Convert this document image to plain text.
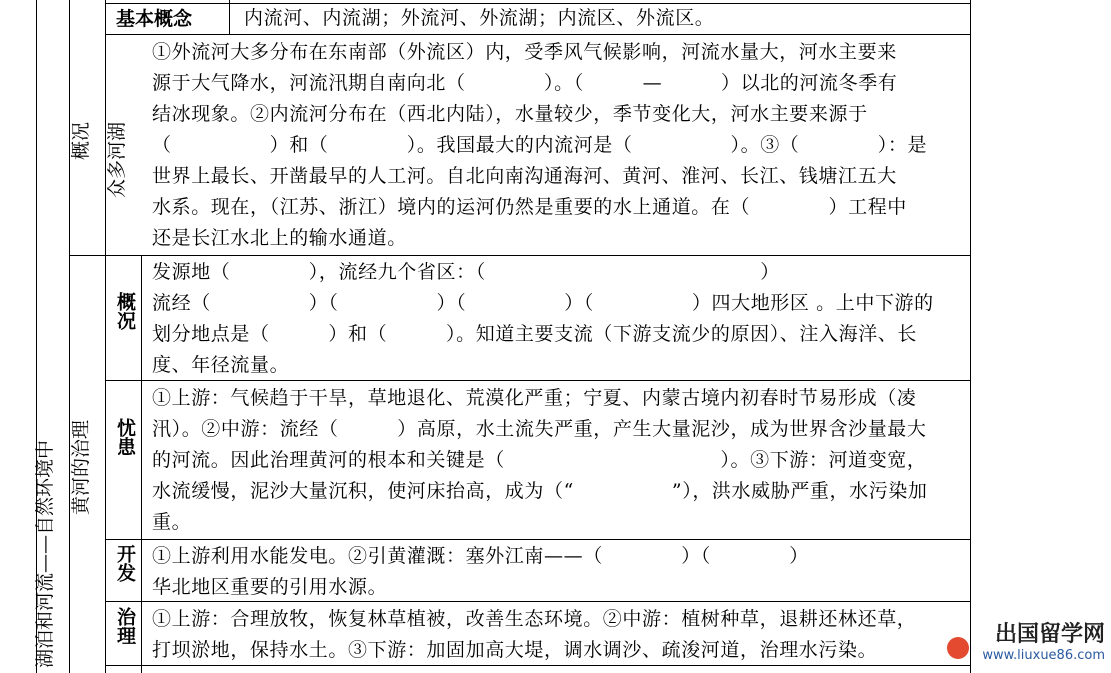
湖泊和河流——自然环境中
概况 众多河湖
黄河的治理
基本概念	内流河、内流湖；外流河、外流湖；内流区、外流区。
①外流河大多分布在东南部（外流区）内，受季风气候影响，河流水量大，河水主要来
源于大气降水，河流汛期自南向北（　　　　）。（　　　—　　　）以北的河流冬季有
结冰现象。②内流河分布在（西北内陆），水量较少，季节变化大，河水主要来源于
（　　　　　）和（　　　　）。我国最大的内流河是（　　　　　）。③（　　　　）：是
世界上最长、开凿最早的人工河。自北向南沟通海河、黄河、淮河、长江、钱塘江五大
水系。现在，（江苏、浙江）境内的运河仍然是重要的水上通道。在（　　　　）工程中
还是长江水北上的输水通道。
概况
发源地（　　　　），流经九个省区：（　　　　　　　　　　　　　　）
流经（　　　　　）（　　　　　）（　　　　　）（　　　　　）四大地形区 。上中下游的
划分地点是（　　　）和（　　　）。知道主要支流（下游支流少的原因）、注入海洋、长
度、年径流量。
忧患
①上游：气候趋于干旱，草地退化、荒漠化严重；宁夏、内蒙古境内初春时节易形成（凌
汛）。②中游：流经（　　　）高原，水土流失严重，产生大量泥沙，成为世界含沙量最大
的河流。因此治理黄河的根本和关键是（　　　　　　　　　　　）。③下游：河道变宽，
水流缓慢，泥沙大量沉积，使河床抬高，成为（“　　　　　”），洪水威胁严重，水污染加
重。
开发 ①上游利用水能发电。②引黄灌溉：塞外江南——（　　　　）（　　　　）
华北地区重要的引用水源。
治理 ①上游：合理放牧，恢复林草植被，改善生态环境。②中游：植树种草，退耕还林还草，
打坝淤地，保持水土。③下游：加固加高大堤，调水调沙、疏浚河道，治理水污染。
出国留学网
www.liuxue86.com
